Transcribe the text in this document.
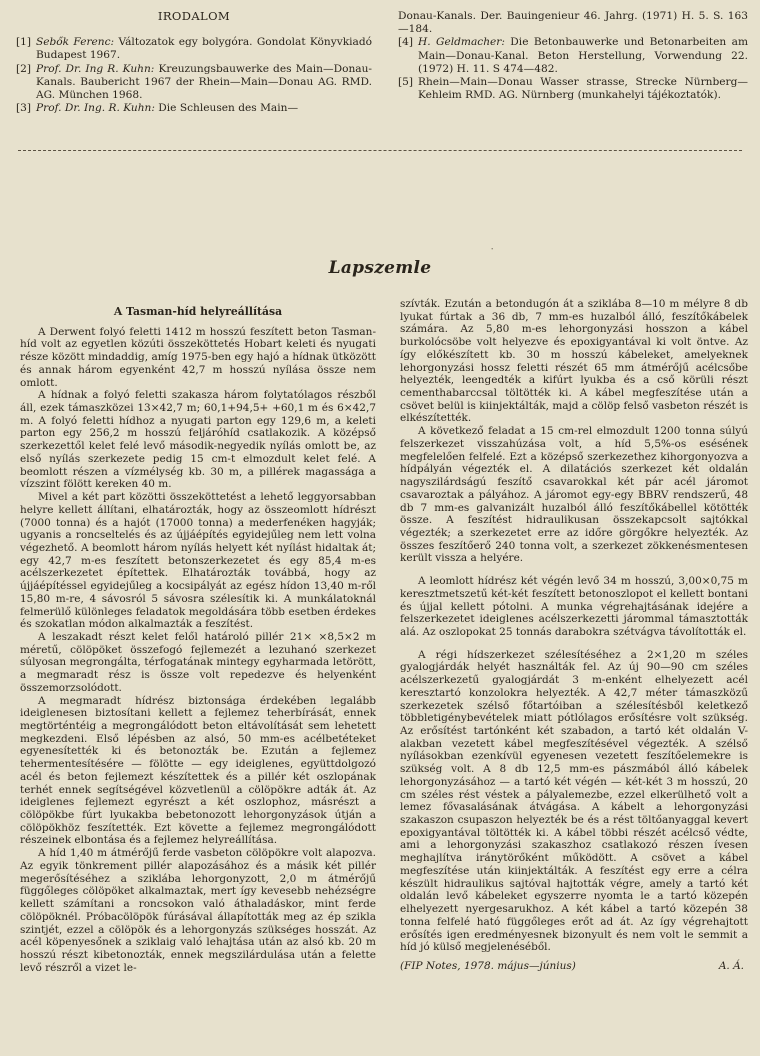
IRODALOM
[1] Sebők Ferenc: Változatok egy bolygóra. Gondolat Könyvkiadó Budapest 1967.
[2] Prof. Dr. Ing R. Kuhn: Kreuzungsbauwerke des Main—Donau-Kanals. Baubericht 1967 der Rhein—Main—Donau AG. RMD. AG. München 1968.
[3] Prof. Dr. Ing. R. Kuhn: Die Schleusen des Main—
Donau-Kanals. Der. Bauingenieur 46. Jahrg. (1971) H. 5. S. 163—184.
[4] H. Geldmacher: Die Betonbauwerke und Betonarbeiten am Main—Donau-Kanal. Beton Herstellung, Vorwendung 22. (1972) H. 11. S 474—482.
[5] Rhein—Main—Donau Wasser strasse, Strecke Nürnberg—Kehleim RMD. AG. Nürnberg (munkahelyi tájékoztatók).
٠
Lapszemle
A Tasman-híd helyreállítása

A Derwent folyó feletti 1412 m hosszú feszített beton Tasman-híd volt az egyetlen közúti összeköttetés Hobart keleti és nyugati része között mindaddig, amíg 1975-ben egy hajó a hídnak ütközött és annak három egyenként 42,7 m hosszú nyílása össze nem omlott.

A hídnak a folyó feletti szakasza három folytatólagos részből áll, ezek támaszközei 13×42,7 m; 60,1+94,5+ +60,1 m és 6×42,7 m. A folyó feletti hídhoz a nyugati parton egy 129,6 m, a keleti parton egy 256,2 m hosszú feljáróhíd csatlakozik. A középső szerkezettől kelet felé levő második-negyedik nyílás omlott be, az első nyílás szerkezete pedig 15 cm-t elmozdult kelet felé. A beomlott részen a vízmélység kb. 30 m, a pillérek magassága a vízszint fölött kereken 40 m.

Mivel a két part közötti összeköttetést a lehető leggyorsabban helyre kellett állítani, elhatározták, hogy az összeomlott hídrészt (7000 tonna) és a hajót (17000 tonna) a mederfenéken hagyják; ugyanis a roncseltelés és az újjáépítés egyidejűleg nem lett volna végezhető. A beomlott három nyílás helyett két nyílást hidaltak át; egy 42,7 m-es feszített betonszerkezetet és egy 85,4 m-es acélszerkezetet építettek. Elhatározták továbbá, hogy az újjáépítéssel egyidejűleg a kocsipályát az egész hídon 13,40 m-ről 15,80 m-re, 4 sávosról 5 sávosra szélesítik ki. A munkálatoknál felmerülő különleges feladatok megoldására több esetben érdekes és szokatlan módon alkalmazták a feszítést.

A leszakadt részt kelet felől határoló pillér 21× ×8,5×2 m méretű, cölöpöket összefogó fejlemezét a lezuhanó szerkezet súlyosan megrongálta, térfogatának mintegy egyharmada letörött, a megmaradt rész is össze volt repedezve és helyenként összemorzsolódott.

A megmaradt hídrész biztonsága érdekében legalább ideiglenesen biztosítani kellett a fejlemez teherbírását, ennek megtörténtéig a megrongálódott beton eltávolítását sem lehetett megkezdeni. Első lépésben az alsó, 50 mm-es acélbetéteket egyenesítették ki és betonozták be. Ezután a fejlemez tehermentesítésére — fölötte — egy ideiglenes, együttdolgozó acél és beton fejlemezt készítettek és a pillér két oszlopának terhét ennek segítségével közvetlenül a cölöpökre adták át. Az ideiglenes fejlemezt egyrészt a két oszlophoz, másrészt a cölöpökbe fúrt lyukakba bebetonozott lehorgonyzások útján a cölöpökhöz feszítették. Ezt követte a fejlemez megrongálódott részeinek elbontása és a fejlemez helyreállítása.

A híd 1,40 m átmérőjű ferde vasbeton cölöpökre volt alapozva. Az egyik tönkrement pillér alapozásához és a másik két pillér megerősítéséhez a sziklába lehorgonyzott, 2,0 m átmérőjű függőleges cölöpöket alkalmaztak, mert így kevesebb nehézségre kellett számítani a roncsokon való áthaladáskor, mint ferde cölöpöknél. Próbacölöpök fúrásával állapították meg az ép szikla szintjét, ezzel a cölöpök és a lehorgonyzás szükséges hosszát. Az acél köpenyesőnek a sziklaig való lehajtása után az alsó kb. 20 m hosszú részt kibetonozták, ennek megszilárdulása után a felette levő részről a vizet le-

szívták. Ezután a betondugón át a sziklába 8—10 m mélyre 8 db lyukat fúrtak a 36 db, 7 mm-es huzalból álló, feszítőkábelek számára. Az 5,80 m-es lehorgonyzási hosszon a kábel burkolócsöbe volt helyezve és epoxigyantával ki volt öntve. Az így előkészített kb. 30 m hosszú kábeleket, amelyeknek lehorgonyzási hossz feletti részét 65 mm átmérőjű acélcsőbe helyezték, leengedték a kifúrt lyukba és a cső körüli részt cementhabarccsal töltötték ki. A kábel megfeszítése után a csövet belül is kiinjektálták, majd a cölöp felső vasbeton részét is elkészítették.

A következő feladat a 15 cm-rel elmozdult 1200 tonna súlyú felszerkezet visszahúzása volt, a híd 5,5%-os esésének megfelelően felfelé. Ezt a középső szerkezethez kihorgonyozva a hídpályán végezték el. A dilatációs szerkezet két oldalán nagyszilárdságú feszítő csavarokkal két pár acél járomot csavaroztak a pályához. A járomot egy-egy BBRV rendszerű, 48 db 7 mm-es galvanizált huzalból álló feszítőkábellel kötötték össze. A feszítést hidraulikusan összekapcsolt sajtókkal végezték; a szerkezetet erre az időre görgőkre helyezték. Az összes feszítőerő 240 tonna volt, a szerkezet zökkenésmentesen került vissza a helyére.

A leomlott hídrész két végén levő 34 m hosszú, 3,00×0,75 m keresztmetszetű két-két feszített betonoszlopot el kellett bontani és újjal kellett pótolni. A munka végrehajtásának idejére a felszerkezetet ideiglenes acélszerkezetti járommal támasztották alá. Az oszlopokat 25 tonnás darabokra szétvágva távolították el.

A régi hídszerkezet szélesítéséhez a 2×1,20 m széles gyalogjárdák helyét használták fel. Az új 90—90 cm széles acélszerkezetű gyalogjárdát 3 m-enként elhelyezett acél keresztartó konzolokra helyezték. A 42,7 méter támaszközű szerkezetek szélső főtartóiban a szélesítésből keletkező többletigénybevételek miatt pótlólagos erősítésre volt szükség. Az erősítést tartónként két szabadon, a tartó két oldalán V-alakban vezetett kábel megfeszítésével végezték. A szélső nyílásokban ezenkívül egyenesen vezetett feszítőelemekre is szükség volt. A 8 db 12,5 mm-es pászmából álló kábelek lehorgonyzásához — a tartó két végén — két-két 3 m hosszú, 20 cm széles rést véstek a pályalemezbe, ezzel elkerülhető volt a lemez fővasalásának átvágása. A kábelt a lehorgonyzási szakaszon csupaszon helyezték be és a rést töltőanyaggal kevert epoxigyantával töltötték ki. A kábel többi részét acélcső védte, ami a lehorgonyzási szakaszhoz csatlakozó részen ívesen meghajlítva iránytörőként működött. A csövet a kábel megfeszítése után kiinjektálták. A feszítést egy erre a célra készült hidraulikus sajtóval hajtották végre, amely a tartó két oldalán levő kábeleket egyszerre nyomta le a tartó közepén elhelyezett nyergesarukhoz. A két kábel a tartó közepén 38 tonna felfelé ható függőleges erőt ad át. Az így végrehajtott erősítés igen eredményesnek bizonyult és nem volt le semmit a híd jó külső megjelenéséből.

(FIP Notes, 1978. május—június)	A. Á.
